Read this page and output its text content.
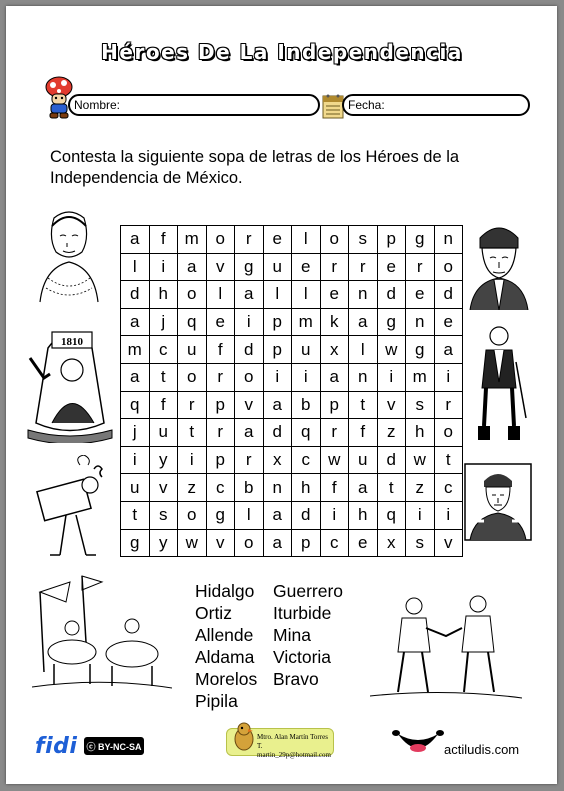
Héroes De La Independencia
Nombre:	Fecha:
Contesta la siguiente sopa de letras de los Héroes de la Independencia de México.
a	f	m	o	r	e	l	o	s	p	g	n
l	i	a	v	g	u	e	r	r	e	r	o
d	h	o	l	a	l	l	e	n	d	e	d
a	j	q	e	i	p	m	k	a	g	n	e
m	c	u	f	d	p	u	x	l	w	g	a
a	t	o	r	o	i	i	a	n	i	m	i
q	f	r	p	v	a	b	p	t	v	s	r
j	u	t	r	a	d	q	r	f	z	h	o
i	y	i	p	r	x	c	w	u	d	w	t
u	v	z	c	b	n	h	f	a	t	z	c
t	s	o	g	l	a	d	i	h	q	i	i
g	y	w	v	o	a	p	c	e	x	s	v
1810
Hidalgo
Ortiz
Allende
Aldama
Morelos
Pipila
Guerrero
Iturbide
Mina
Victoria
Bravo
fidi ⓒ BY-NC-SA
Mtro. Alan Martín Torres T.
martin_29p@hotmail.com	actiludis.com
